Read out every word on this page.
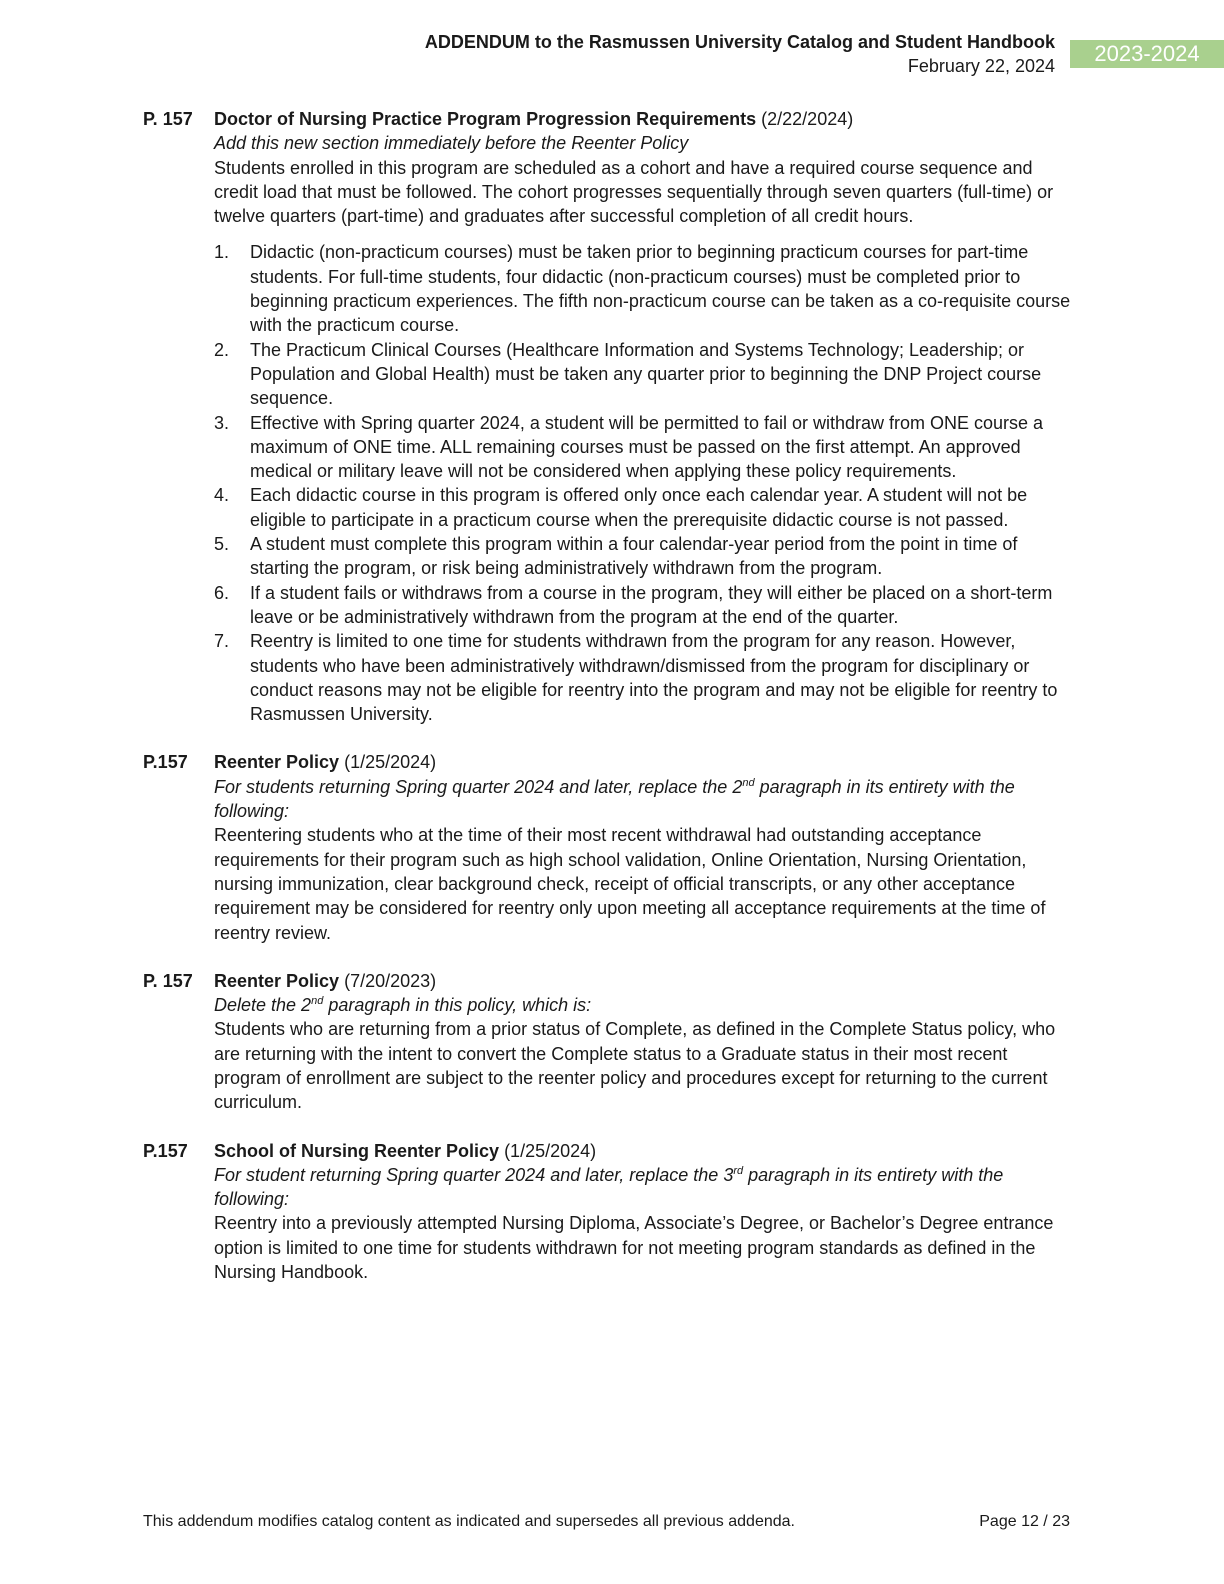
ADDENDUM to the Rasmussen University Catalog and Student Handbook
February 22, 2024	2023-2024
P. 157 Doctor of Nursing Practice Program Progression Requirements (2/22/2024)
Add this new section immediately before the Reenter Policy

Students enrolled in this program are scheduled as a cohort and have a required course sequence and credit load that must be followed. The cohort progresses sequentially through seven quarters (full-time) or twelve quarters (part-time) and graduates after successful completion of all credit hours.

1. Didactic (non-practicum courses) must be taken prior to beginning practicum courses for part-time students. For full-time students, four didactic (non-practicum courses) must be completed prior to beginning practicum experiences. The fifth non-practicum course can be taken as a co-requisite course with the practicum course.
2. The Practicum Clinical Courses (Healthcare Information and Systems Technology; Leadership; or Population and Global Health) must be taken any quarter prior to beginning the DNP Project course sequence.
3. Effective with Spring quarter 2024, a student will be permitted to fail or withdraw from ONE course a maximum of ONE time. ALL remaining courses must be passed on the first attempt. An approved medical or military leave will not be considered when applying these policy requirements.
4. Each didactic course in this program is offered only once each calendar year. A student will not be eligible to participate in a practicum course when the prerequisite didactic course is not passed.
5. A student must complete this program within a four calendar-year period from the point in time of starting the program, or risk being administratively withdrawn from the program.
6. If a student fails or withdraws from a course in the program, they will either be placed on a short-term leave or be administratively withdrawn from the program at the end of the quarter.
7. Reentry is limited to one time for students withdrawn from the program for any reason. However, students who have been administratively withdrawn/dismissed from the program for disciplinary or conduct reasons may not be eligible for reentry into the program and may not be eligible for reentry to Rasmussen University.
P.157 Reenter Policy (1/25/2024)
For students returning Spring quarter 2024 and later, replace the 2nd paragraph in its entirety with the following:

Reentering students who at the time of their most recent withdrawal had outstanding acceptance requirements for their program such as high school validation, Online Orientation, Nursing Orientation, nursing immunization, clear background check, receipt of official transcripts, or any other acceptance requirement may be considered for reentry only upon meeting all acceptance requirements at the time of reentry review.

P. 157 Reenter Policy (7/20/2023)
Delete the 2nd paragraph in this policy, which is:

Students who are returning from a prior status of Complete, as defined in the Complete Status policy, who are returning with the intent to convert the Complete status to a Graduate status in their most recent program of enrollment are subject to the reenter policy and procedures except for returning to the current curriculum.

P.157 School of Nursing Reenter Policy (1/25/2024)
For student returning Spring quarter 2024 and later, replace the 3rd paragraph in its entirety with the following:

Reentry into a previously attempted Nursing Diploma, Associate’s Degree, or Bachelor’s Degree entrance option is limited to one time for students withdrawn for not meeting program standards as defined in the Nursing Handbook.

This addendum modifies catalog content as indicated and supersedes all previous addenda.	Page 12 / 23
